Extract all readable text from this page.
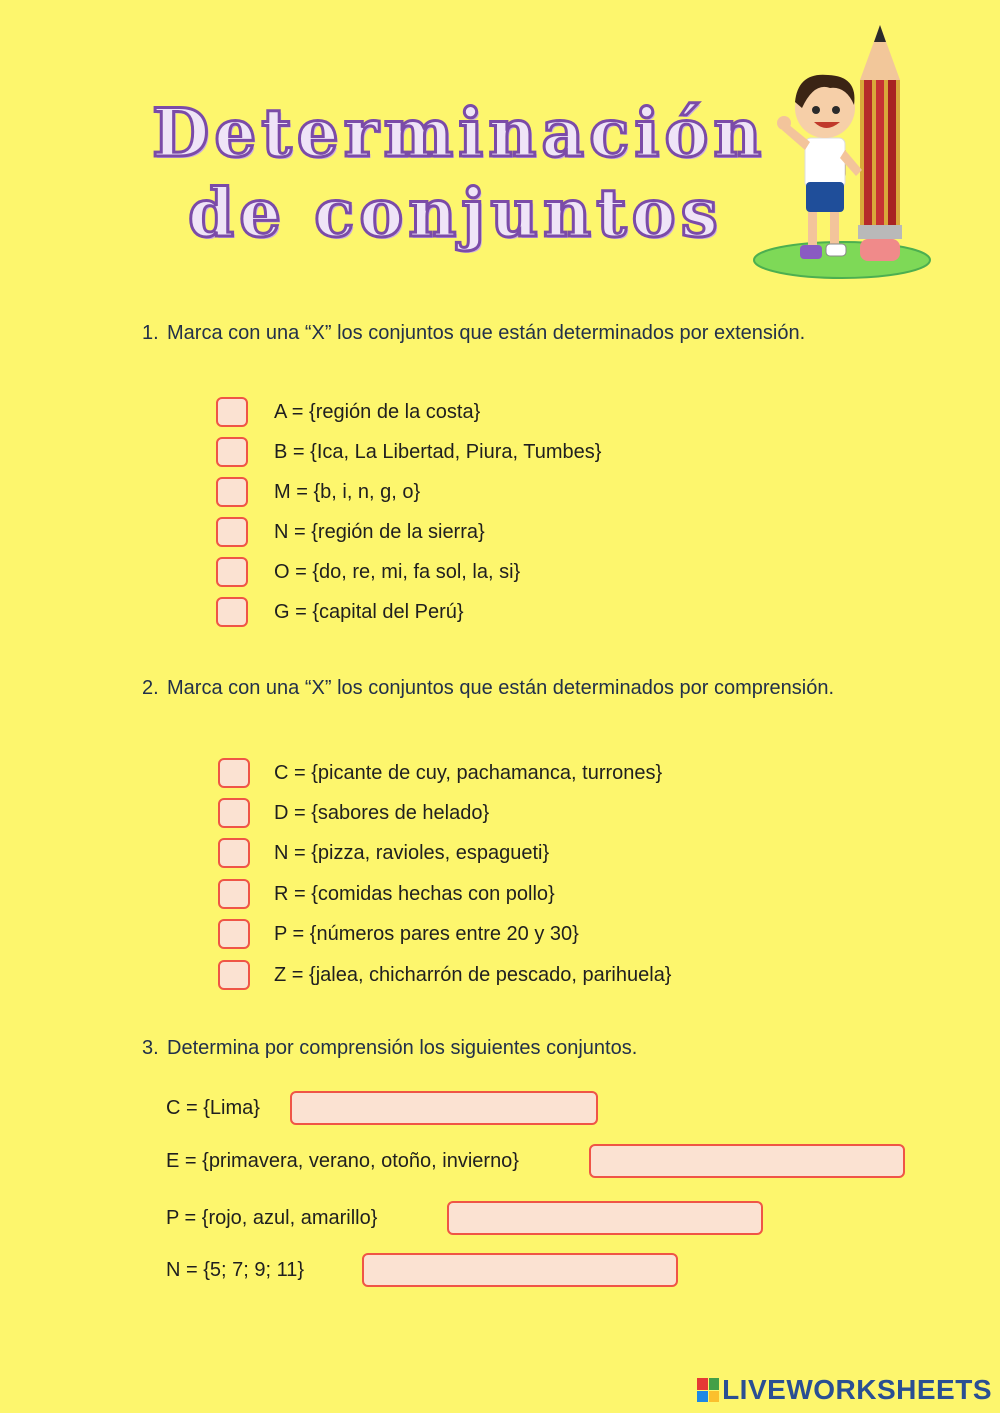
Determinación
de conjuntos
1. Marca con una “X” los conjuntos que están determinados por extensión.
A = {región de la costa}
B = {Ica, La Libertad, Piura, Tumbes}
M = {b, i, n, g, o}
N = {región de la sierra}
O = {do, re, mi, fa sol, la, si}
G = {capital del Perú}
2. Marca con una “X” los conjuntos que están determinados por comprensión.
C = {picante de cuy, pachamanca, turrones}
D = {sabores de helado}
N = {pizza, ravioles, espagueti}
R = {comidas hechas con pollo}
P = {números pares entre 20 y 30}
Z = {jalea, chicharrón de pescado, parihuela}
3. Determina por comprensión los siguientes conjuntos.
C = {Lima}
E = {primavera, verano, otoño, invierno}
P = {rojo, azul, amarillo}
N = {5; 7; 9; 11}
LIVEWORKSHEETS
